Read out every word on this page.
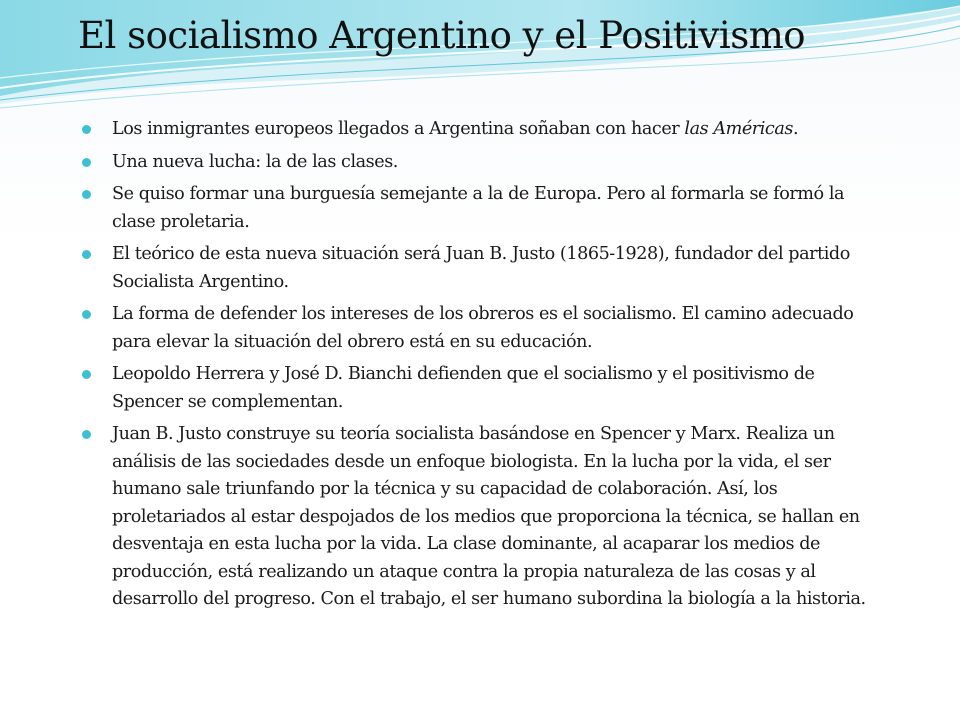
El socialismo Argentino y el Positivismo
Los inmigrantes europeos llegados a Argentina soñaban con hacer las Américas.
Una nueva lucha: la de las clases.
Se quiso formar una burguesía semejante a la de Europa. Pero al formarla se formó la clase proletaria.
El teórico de esta nueva situación será Juan B. Justo (1865-1928), fundador del partido Socialista Argentino.
La forma de defender los intereses de los obreros es el socialismo. El camino adecuado para elevar la situación del obrero está en su educación.
Leopoldo Herrera y José D. Bianchi defienden que el socialismo y el positivismo de Spencer se complementan.
Juan B. Justo construye su teoría socialista basándose en Spencer y Marx. Realiza un análisis de las sociedades desde un enfoque biologista. En la lucha por la vida, el ser humano sale triunfando por la técnica y su capacidad de colaboración. Así, los proletariados al estar despojados de los medios que proporciona la técnica, se hallan en desventaja en esta lucha por la vida. La clase dominante, al acaparar los medios de producción, está realizando un ataque contra la propia naturaleza de las cosas y al desarrollo del progreso. Con el trabajo, el ser humano subordina la biología a la historia.
